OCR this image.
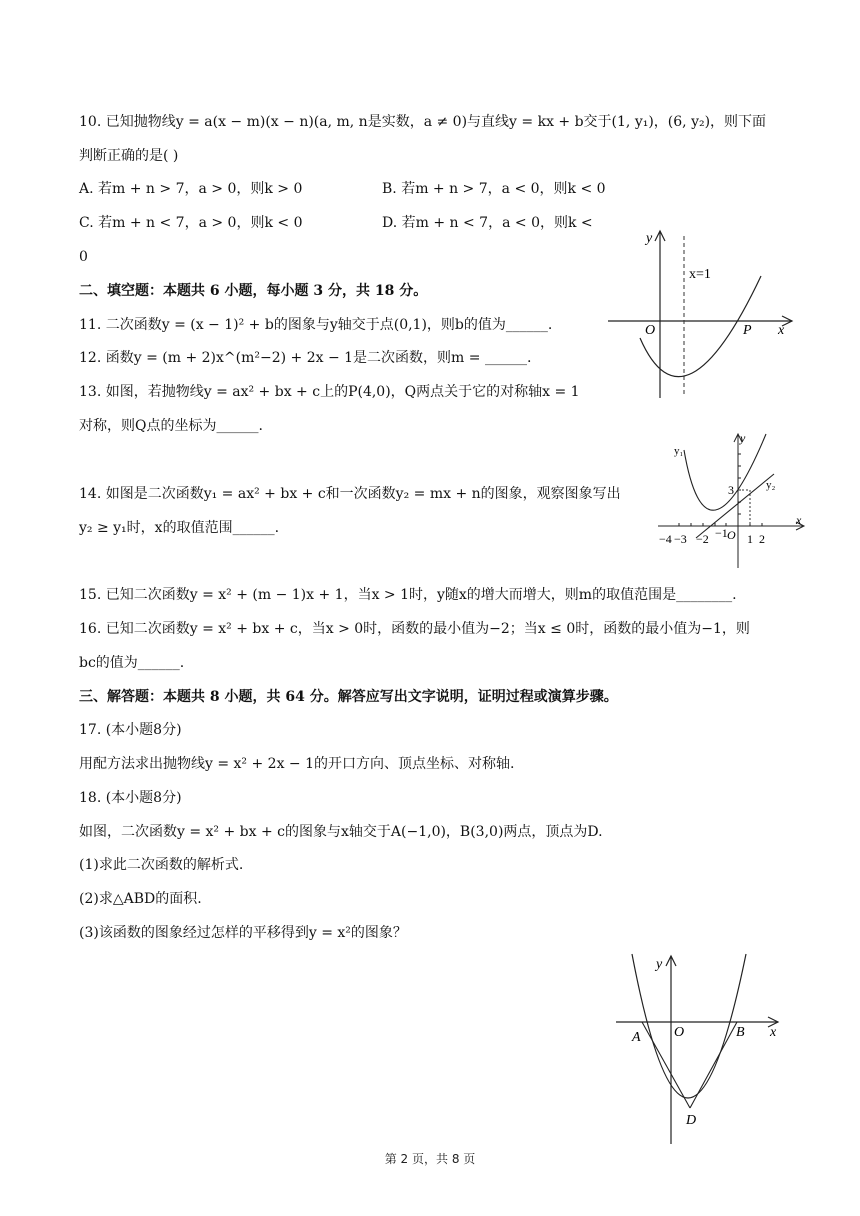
10. 已知抛物线y = a(x − m)(x − n)(a, m, n是实数，a ≠ 0)与直线y = kx + b交于(1, y₁)，(6, y₂)，则下面
判断正确的是( )
A. 若m + n > 7，a > 0，则k > 0	B. 若m + n > 7，a < 0，则k < 0
C. 若m + n < 7，a > 0，则k < 0	D. 若m + n < 7，a < 0，则k <
0
二、填空题：本题共 6 小题，每小题 3 分，共 18 分。
11. 二次函数y = (x − 1)² + b的图象与y轴交于点(0,1)，则b的值为______.
12. 函数y = (m + 2)x^(m²−2) + 2x − 1是二次函数，则m = ______.
13. 如图，若抛物线y = ax² + bx + c上的P(4,0)，Q两点关于它的对称轴x = 1
对称，则Q点的坐标为______.
14. 如图是二次函数y₁ = ax² + bx + c和一次函数y₂ = mx + n的图象，观察图象写出
y₂ ≥ y₁时，x的取值范围______.
15. 已知二次函数y = x² + (m − 1)x + 1，当x > 1时，y随x的增大而增大，则m的取值范围是________.
16. 已知二次函数y = x² + bx + c，当x > 0时，函数的最小值为−2；当x ≤ 0时，函数的最小值为−1，则
bc的值为______.
三、解答题：本题共 8 小题，共 64 分。解答应写出文字说明，证明过程或演算步骤。
17. (本小题8分)
用配方法求出抛物线y = x² + 2x − 1的开口方向、顶点坐标、对称轴.
18. (本小题8分)
如图，二次函数y = x² + bx + c的图象与x轴交于A(−1,0)，B(3,0)两点，顶点为D.
(1)求此二次函数的解析式.
(2)求△ABD的面积.
(3)该函数的图象经过怎样的平移得到y = x²的图象？
y
x
x=1
O	P
y₁
y₂
y
x
3
O
−4 −3 −2 −1 1 2
y
x
A O	B
D
第 2 页，共 8 页
